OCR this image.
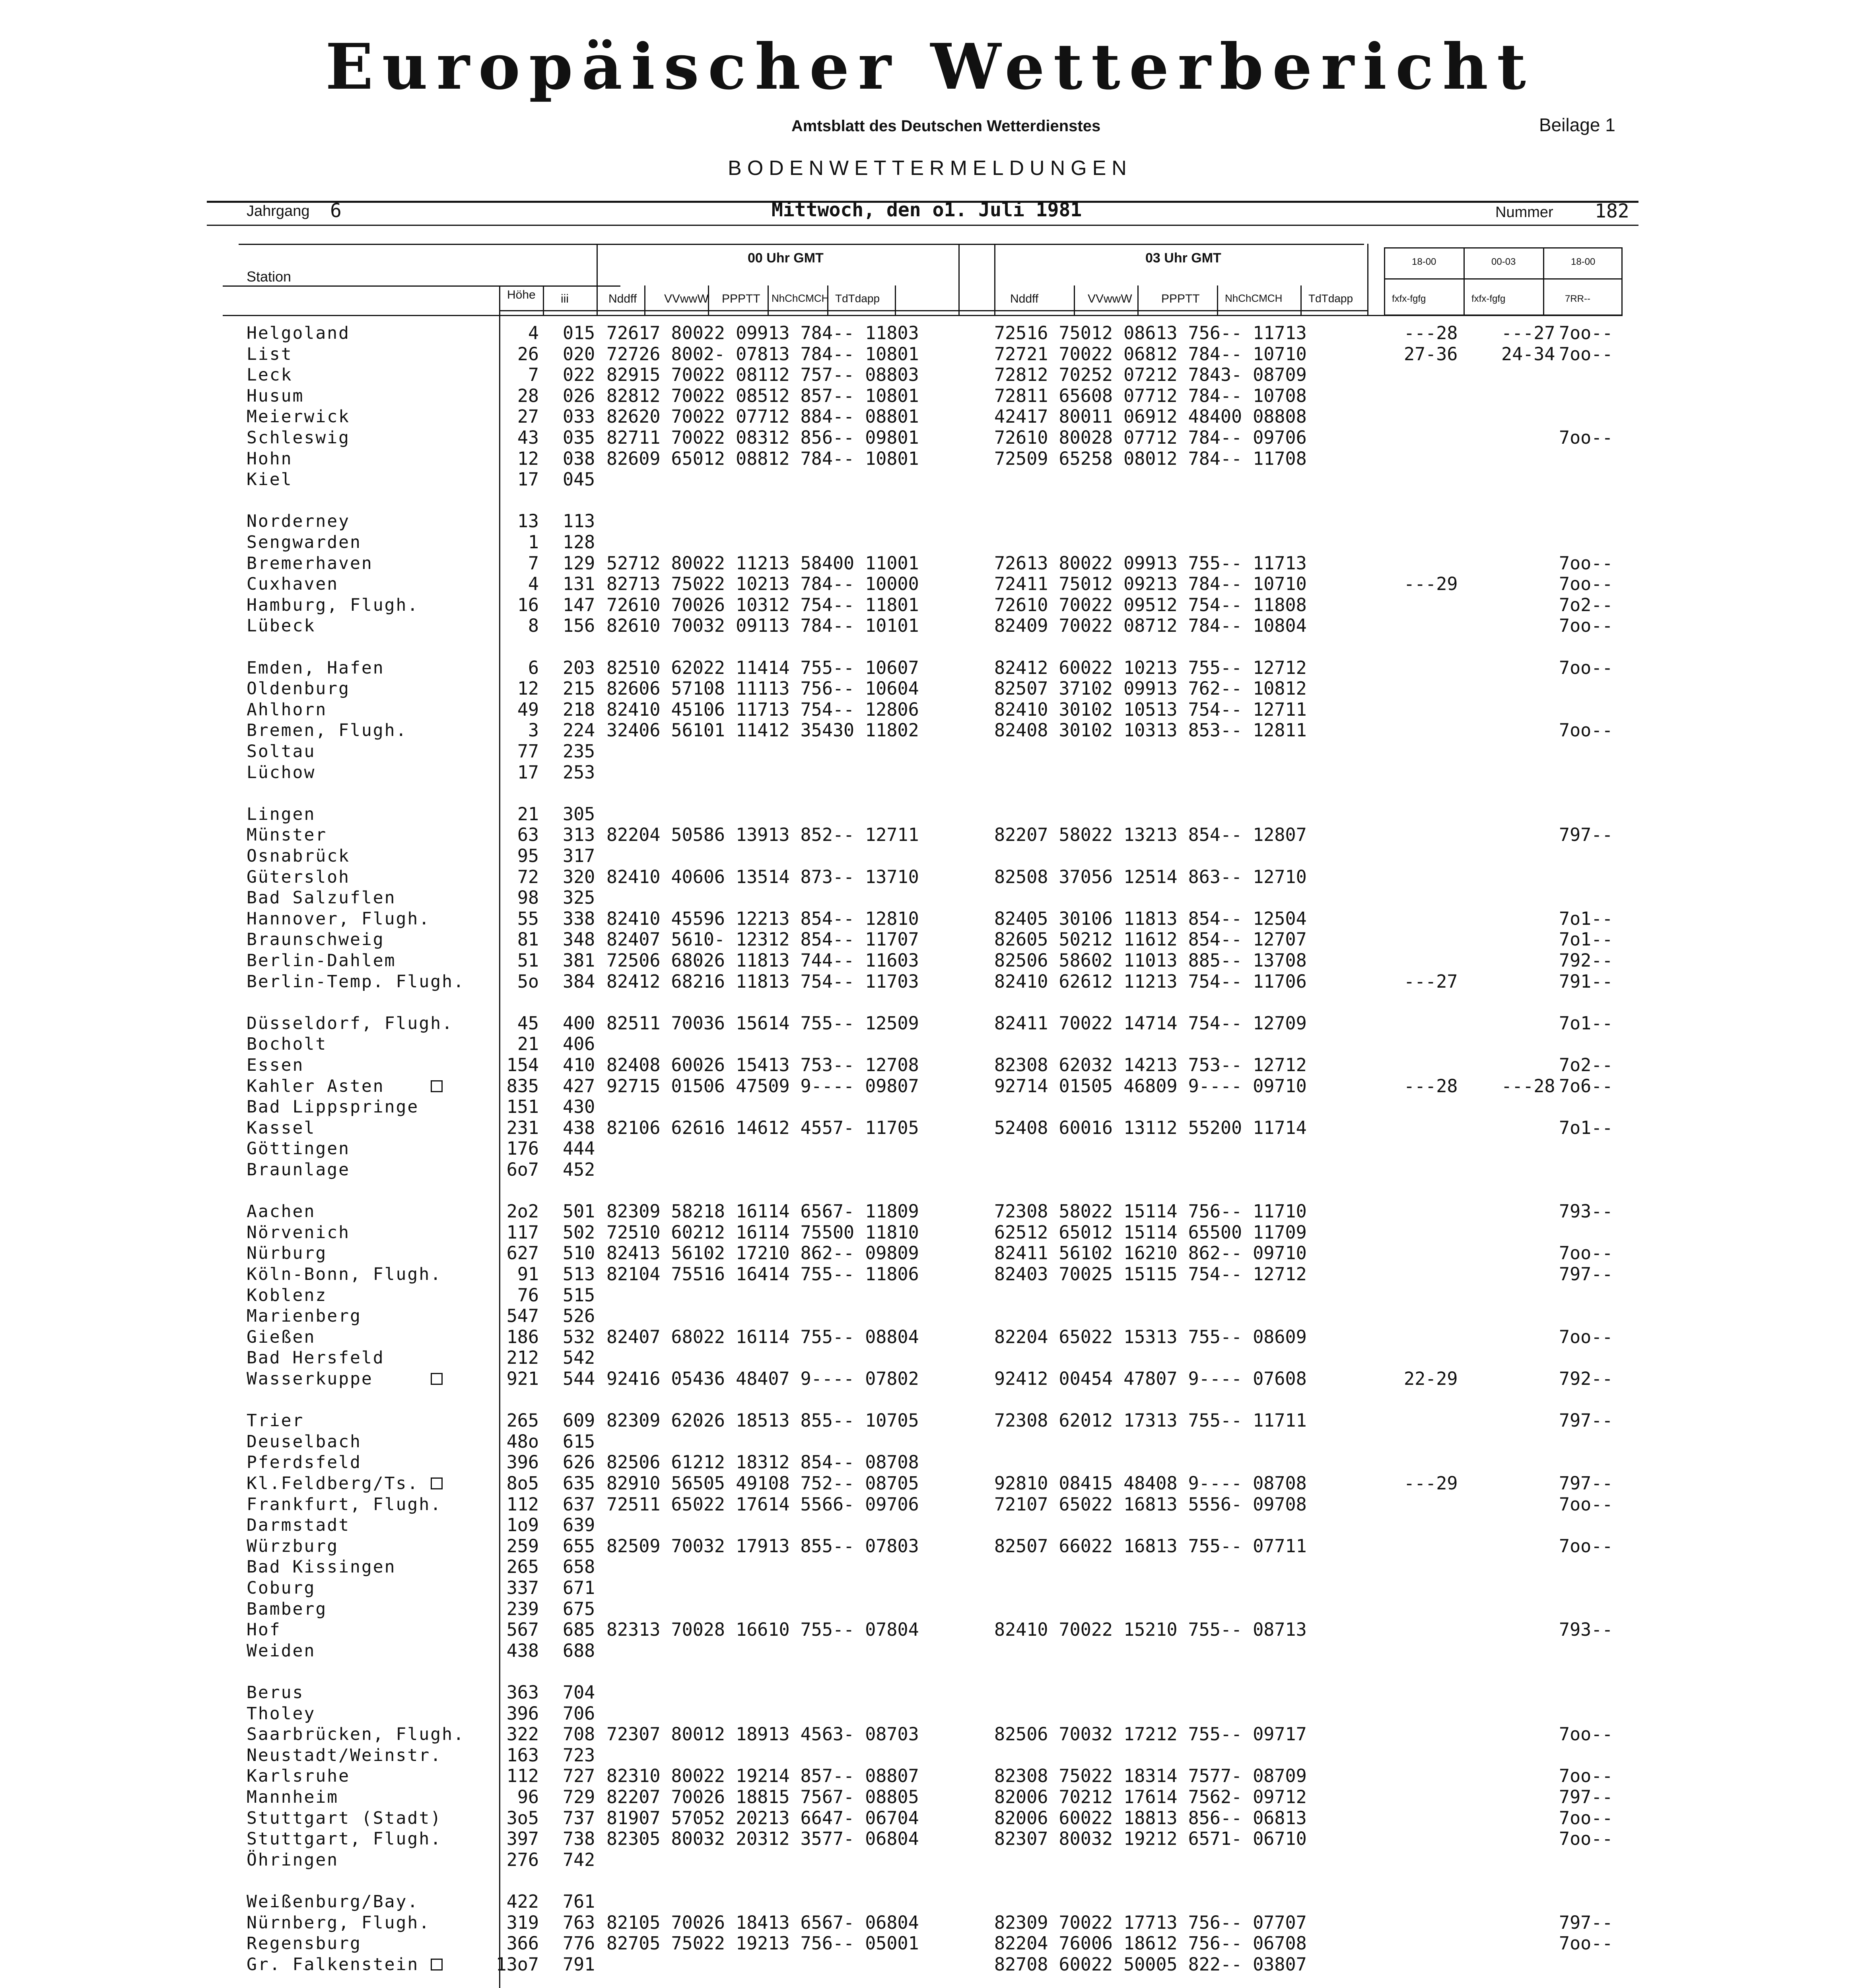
Europäischer Wetterbericht
Amtsblatt des Deutschen Wetterdienstes	Beilage 1
BODENWETTERMELDUNGEN
Jahrgang 6	Mittwoch, den o1. Juli 1981	Nummer 182
Station
Höhe iii
00 Uhr GMT
Nddff VVwwW PPPTT NhChCMCH TdTdapp
03 Uhr GMT
Nddff	VVwwW PPPTT NhChCMCH TdTdapp
18-00	00-03	18-00
fxfx-fgfg	fxfx-fgfg	7RR--
Helgoland	4 015 72617 80022 09913 784-- 11803	72516 75012 08613 756-- 11713	---28 ---27 7oo--
List	26 020 72726 8002- 07813 784-- 10801	72721 70022 06812 784-- 10710	27-36 24-34 7oo--
Leck	7 022 82915 70022 08112 757-- 08803	72812 70252 07212 7843- 08709
Husum	28 026 82812 70022 08512 857-- 10801	72811 65608 07712 784-- 10708
Meierwick	27 033 82620 70022 07712 884-- 08801	42417 80011 06912 48400 08808
Schleswig	43 035 82711 70022 08312 856-- 09801	72610 80028 07712 784-- 09706	7oo--
Hohn	12 038 82609 65012 08812 784-- 10801	72509 65258 08012 784-- 11708
Kiel	17 045
Norderney	13 113
Sengwarden	1 128
Bremerhaven	7 129 52712 80022 11213 58400 11001	72613 80022 09913 755-- 11713	7oo--
Cuxhaven	4 131 82713 75022 10213 784-- 10000	72411 75012 09213 784-- 10710	---29	7oo--
Hamburg, Flugh.	16 147 72610 70026 10312 754-- 11801	72610 70022 09512 754-- 11808	7o2--
Lübeck	8 156 82610 70032 09113 784-- 10101	82409 70022 08712 784-- 10804	7oo--
Emden, Hafen	6 203 82510 62022 11414 755-- 10607	82412 60022 10213 755-- 12712	7oo--
Oldenburg	12 215 82606 57108 11113 756-- 10604	82507 37102 09913 762-- 10812
Ahlhorn	49 218 82410 45106 11713 754-- 12806	82410 30102 10513 754-- 12711
Bremen, Flugh.	3 224 32406 56101 11412 35430 11802	82408 30102 10313 853-- 12811	7oo--
Soltau	77 235
Lüchow	17 253
Lingen	21 305
Münster	63 313 82204 50586 13913 852-- 12711	82207 58022 13213 854-- 12807	797--
Osnabrück	95 317
Gütersloh	72 320 82410 40606 13514 873-- 13710	82508 37056 12514 863-- 12710
Bad Salzuflen	98 325
Hannover, Flugh.	55 338 82410 45596 12213 854-- 12810	82405 30106 11813 854-- 12504	7o1--
Braunschweig	81 348 82407 5610- 12312 854-- 11707	82605 50212 11612 854-- 12707	7o1--
Berlin-Dahlem	51 381 72506 68026 11813 744-- 11603	82506 58602 11013 885-- 13708	792--
Berlin-Temp. Flugh.	5o 384 82412 68216 11813 754-- 11703	82410 62612 11213 754-- 11706	---27	791--
Düsseldorf, Flugh.	45 400 82511 70036 15614 755-- 12509	82411 70022 14714 754-- 12709	7o1--
Bocholt	21 406
Essen	154 410 82408 60026 15413 753-- 12708	82308 62032 14213 753-- 12712	7o2--
Kahler Asten	835 427 92715 01506 47509 9---- 09807	92714 01505 46809 9---- 09710	---28 ---28 7o6--
Bad Lippspringe	151 430
Kassel	231 438 82106 62616 14612 4557- 11705	52408 60016 13112 55200 11714	7o1--
Göttingen	176 444
Braunlage	6o7 452
Aachen	2o2 501 82309 58218 16114 6567- 11809	72308 58022 15114 756-- 11710	793--
Nörvenich	117 502 72510 60212 16114 75500 11810	62512 65012 15114 65500 11709
Nürburg	627 510 82413 56102 17210 862-- 09809	82411 56102 16210 862-- 09710	7oo--
Köln-Bonn, Flugh.	91 513 82104 75516 16414 755-- 11806	82403 70025 15115 754-- 12712	797--
Koblenz	76 515
Marienberg	547 526
Gießen	186 532 82407 68022 16114 755-- 08804	82204 65022 15313 755-- 08609	7oo--
Bad Hersfeld	212 542
Wasserkuppe	921 544 92416 05436 48407 9---- 07802	92412 00454 47807 9---- 07608	22-29	792--
Trier	265 609 82309 62026 18513 855-- 10705	72308 62012 17313 755-- 11711	797--
Deuselbach	48o 615
Pferdsfeld	396 626 82506 61212 18312 854-- 08708
Kl.Feldberg/Ts.	8o5 635 82910 56505 49108 752-- 08705	92810 08415 48408 9---- 08708	---29	797--
Frankfurt, Flugh.	112 637 72511 65022 17614 5566- 09706	72107 65022 16813 5556- 09708	7oo--
Darmstadt	1o9 639
Würzburg	259 655 82509 70032 17913 855-- 07803	82507 66022 16813 755-- 07711	7oo--
Bad Kissingen	265 658
Coburg	337 671
Bamberg	239 675
Hof	567 685 82313 70028 16610 755-- 07804	82410 70022 15210 755-- 08713	793--
Weiden	438 688
Berus	363 704
Tholey	396 706
Saarbrücken, Flugh. 322 708 72307 80012 18913 4563- 08703	82506 70032 17212 755-- 09717	7oo--
Neustadt/Weinstr.	163 723
Karlsruhe	112 727 82310 80022 19214 857-- 08807	82308 75022 18314 7577- 08709	7oo--
Mannheim	96 729 82207 70026 18815 7567- 08805	82006 70212 17614 7562- 09712	797--
Stuttgart (Stadt)	3o5 737 81907 57052 20213 6647- 06704	82006 60022 18813 856-- 06813	7oo--
Stuttgart, Flugh.	397 738 82305 80032 20312 3577- 06804	82307 80032 19212 6571- 06710	7oo--
Öhringen	276 742
Weißenburg/Bay.	422 761
Nürnberg, Flugh.	319 763 82105 70026 18413 6567- 06804	82309 70022 17713 756-- 07707	797--
Regensburg	366 776 82705 75022 19213 756-- 05001	82204 76006 18612 756-- 06708	7oo--
Gr. Falkenstein	13o7 791	82708 60022 50005 822-- 03807
